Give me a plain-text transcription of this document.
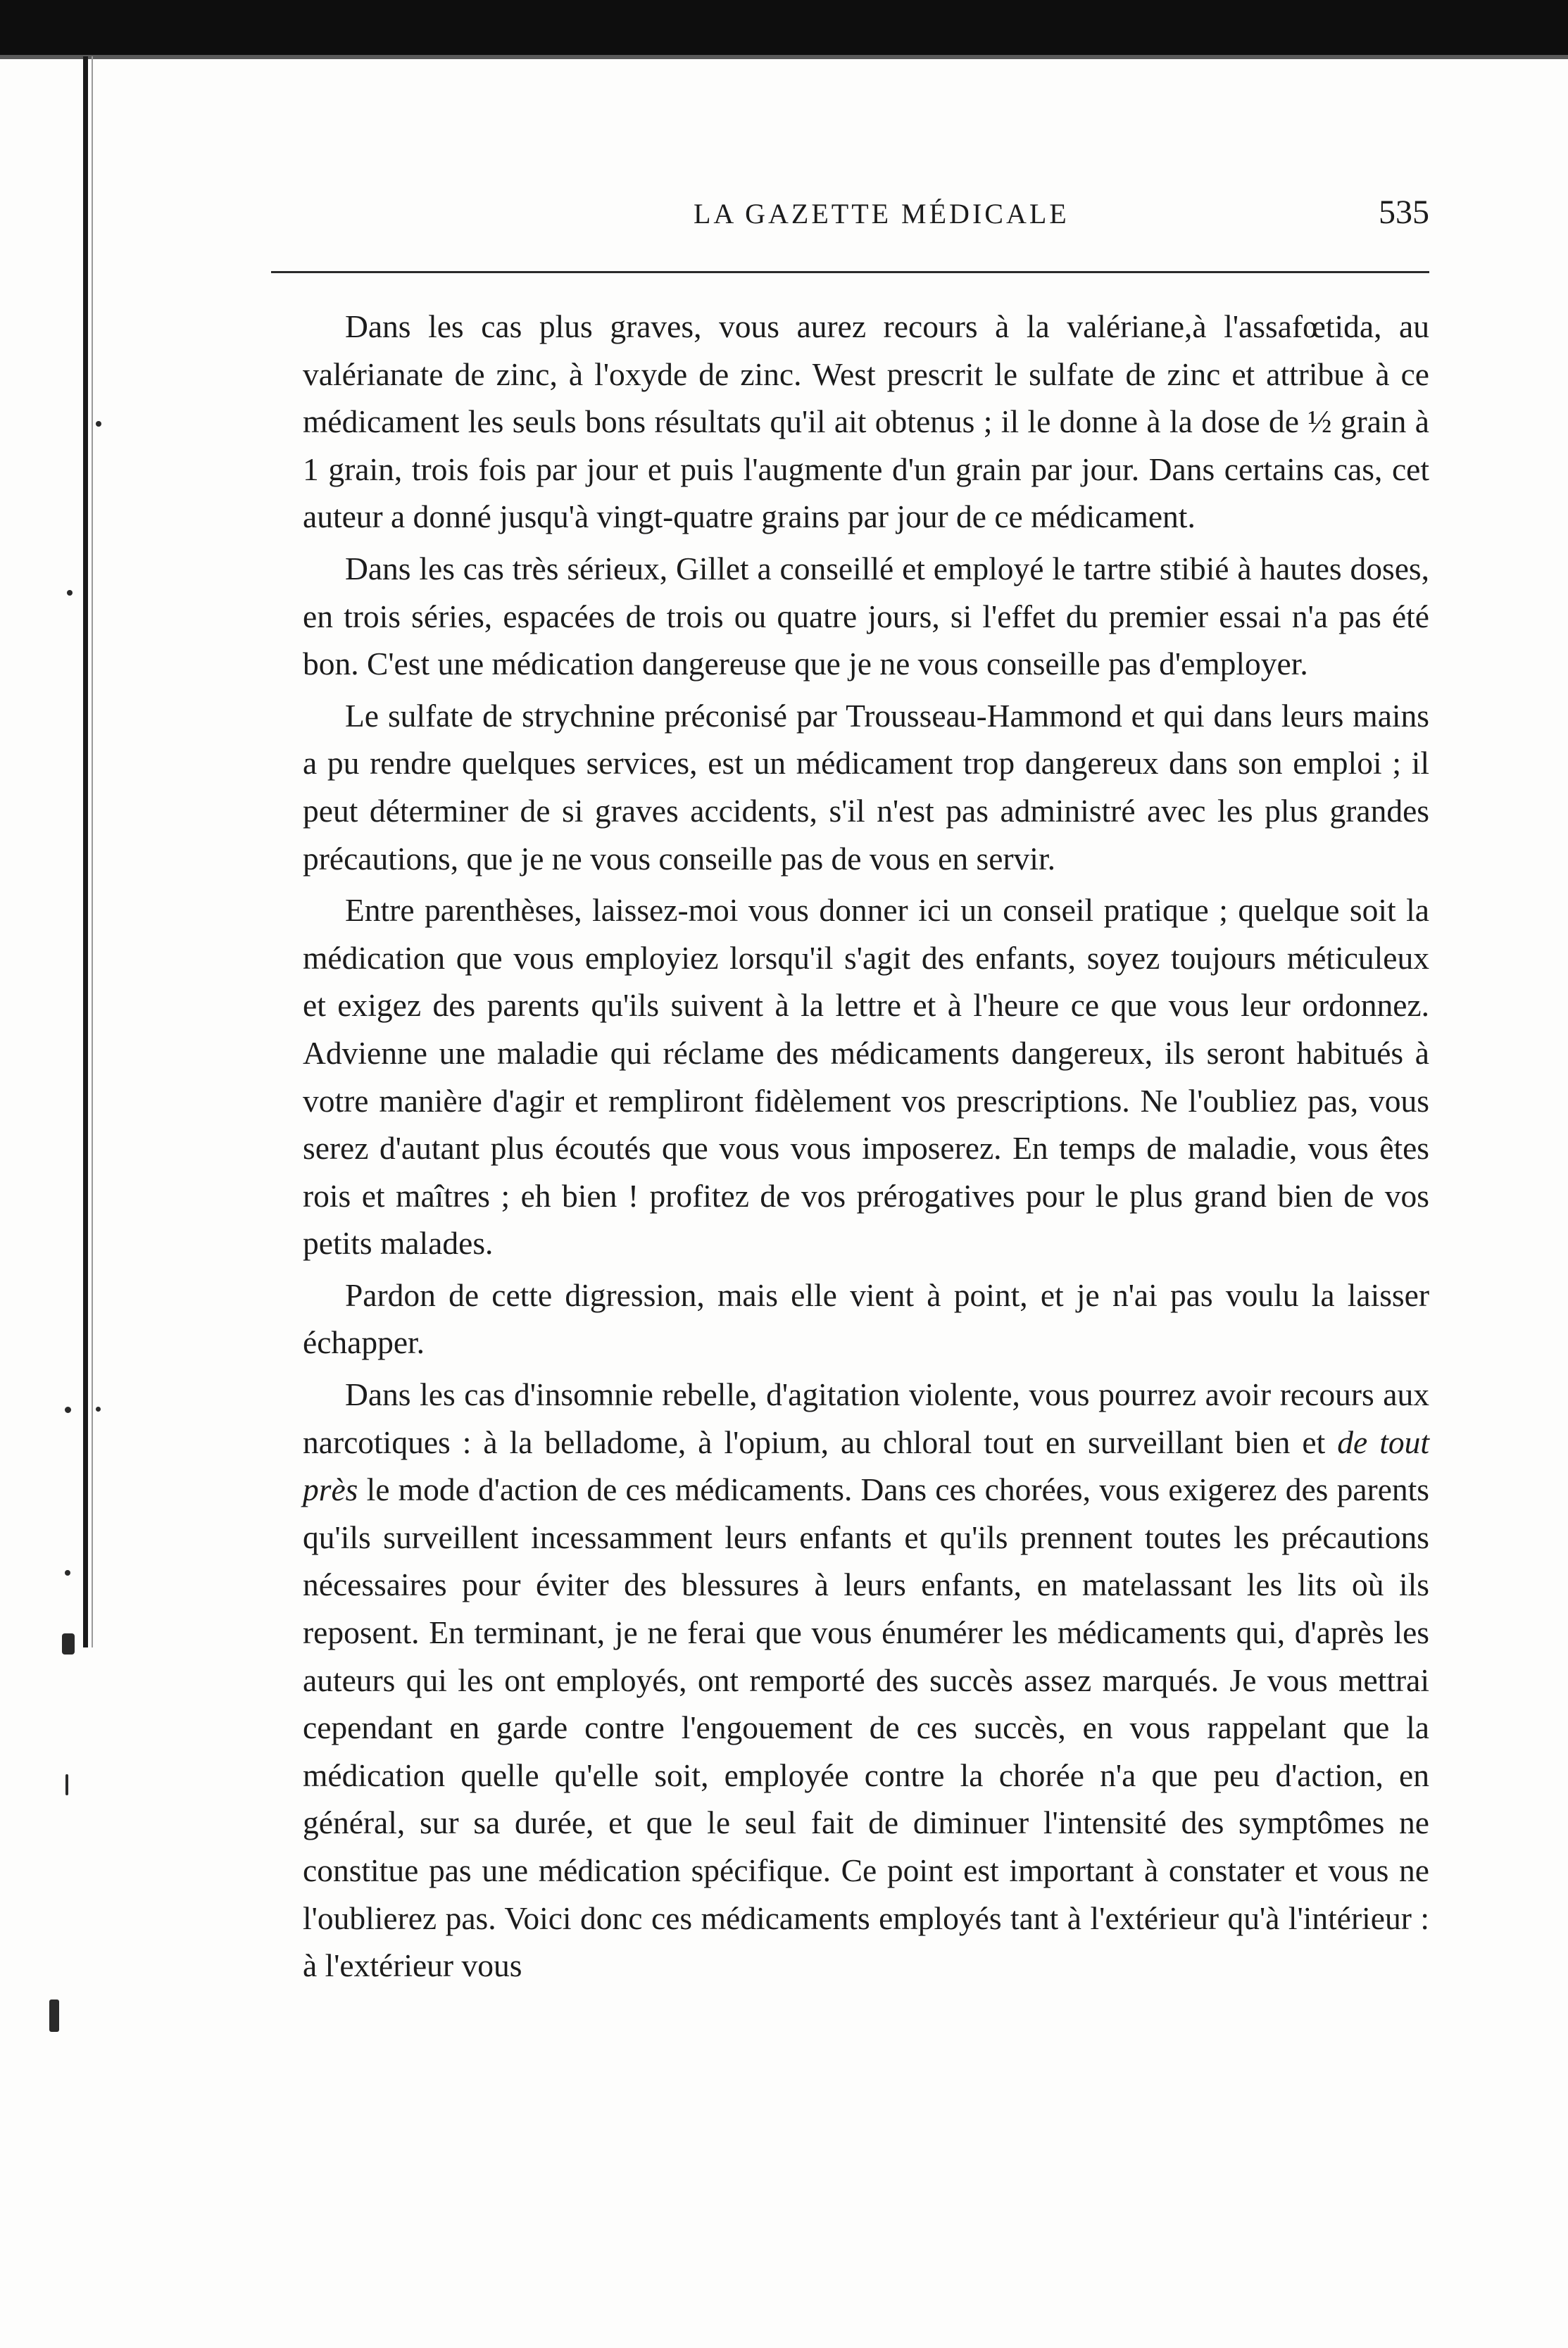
LA GAZETTE MÉDICALE	535

Dans les cas plus graves, vous aurez recours à la valériane,à l'assafœtida, au valérianate de zinc, à l'oxyde de zinc. West prescrit le sulfate de zinc et attribue à ce médicament les seuls bons résultats qu'il ait obtenus ; il le donne à la dose de ½ grain à 1 grain, trois fois par jour et puis l'augmente d'un grain par jour. Dans certains cas, cet auteur a donné jusqu'à vingt-quatre grains par jour de ce médicament.

Dans les cas très sérieux, Gillet a conseillé et employé le tartre stibié à hautes doses, en trois séries, espacées de trois ou quatre jours, si l'effet du premier essai n'a pas été bon. C'est une médication dangereuse que je ne vous conseille pas d'employer.

Le sulfate de strychnine préconisé par Trousseau-Hammond et qui dans leurs mains a pu rendre quelques services, est un médicament trop dangereux dans son emploi ; il peut déterminer de si graves accidents, s'il n'est pas administré avec les plus grandes précautions, que je ne vous conseille pas de vous en servir.

Entre parenthèses, laissez-moi vous donner ici un conseil pratique ; quelque soit la médication que vous employiez lorsqu'il s'agit des enfants, soyez toujours méticuleux et exigez des parents qu'ils suivent à la lettre et à l'heure ce que vous leur ordonnez. Advienne une maladie qui réclame des médicaments dangereux, ils seront habitués à votre manière d'agir et rempliront fidèlement vos prescriptions. Ne l'oubliez pas, vous serez d'autant plus écoutés que vous vous imposerez. En temps de maladie, vous êtes rois et maîtres ; eh bien ! profitez de vos prérogatives pour le plus grand bien de vos petits malades.

Pardon de cette digression, mais elle vient à point, et je n'ai pas voulu la laisser échapper.

Dans les cas d'insomnie rebelle, d'agitation violente, vous pourrez avoir recours aux narcotiques : à la belladome, à l'opium, au chloral tout en surveillant bien et de tout près le mode d'action de ces médicaments. Dans ces chorées, vous exigerez des parents qu'ils surveillent incessamment leurs enfants et qu'ils prennent toutes les précautions nécessaires pour éviter des blessures à leurs enfants, en matelassant les lits où ils reposent. En terminant, je ne ferai que vous énumérer les médicaments qui, d'après les auteurs qui les ont employés, ont remporté des succès assez marqués. Je vous mettrai cependant en garde contre l'engouement de ces succès, en vous rappelant que la médication quelle qu'elle soit, employée contre la chorée n'a que peu d'action, en général, sur sa durée, et que le seul fait de diminuer l'intensité des symptômes ne constitue pas une médication spécifique. Ce point est important à constater et vous ne l'oublierez pas. Voici donc ces médicaments employés tant à l'extérieur qu'à l'intérieur : à l'extérieur vous
